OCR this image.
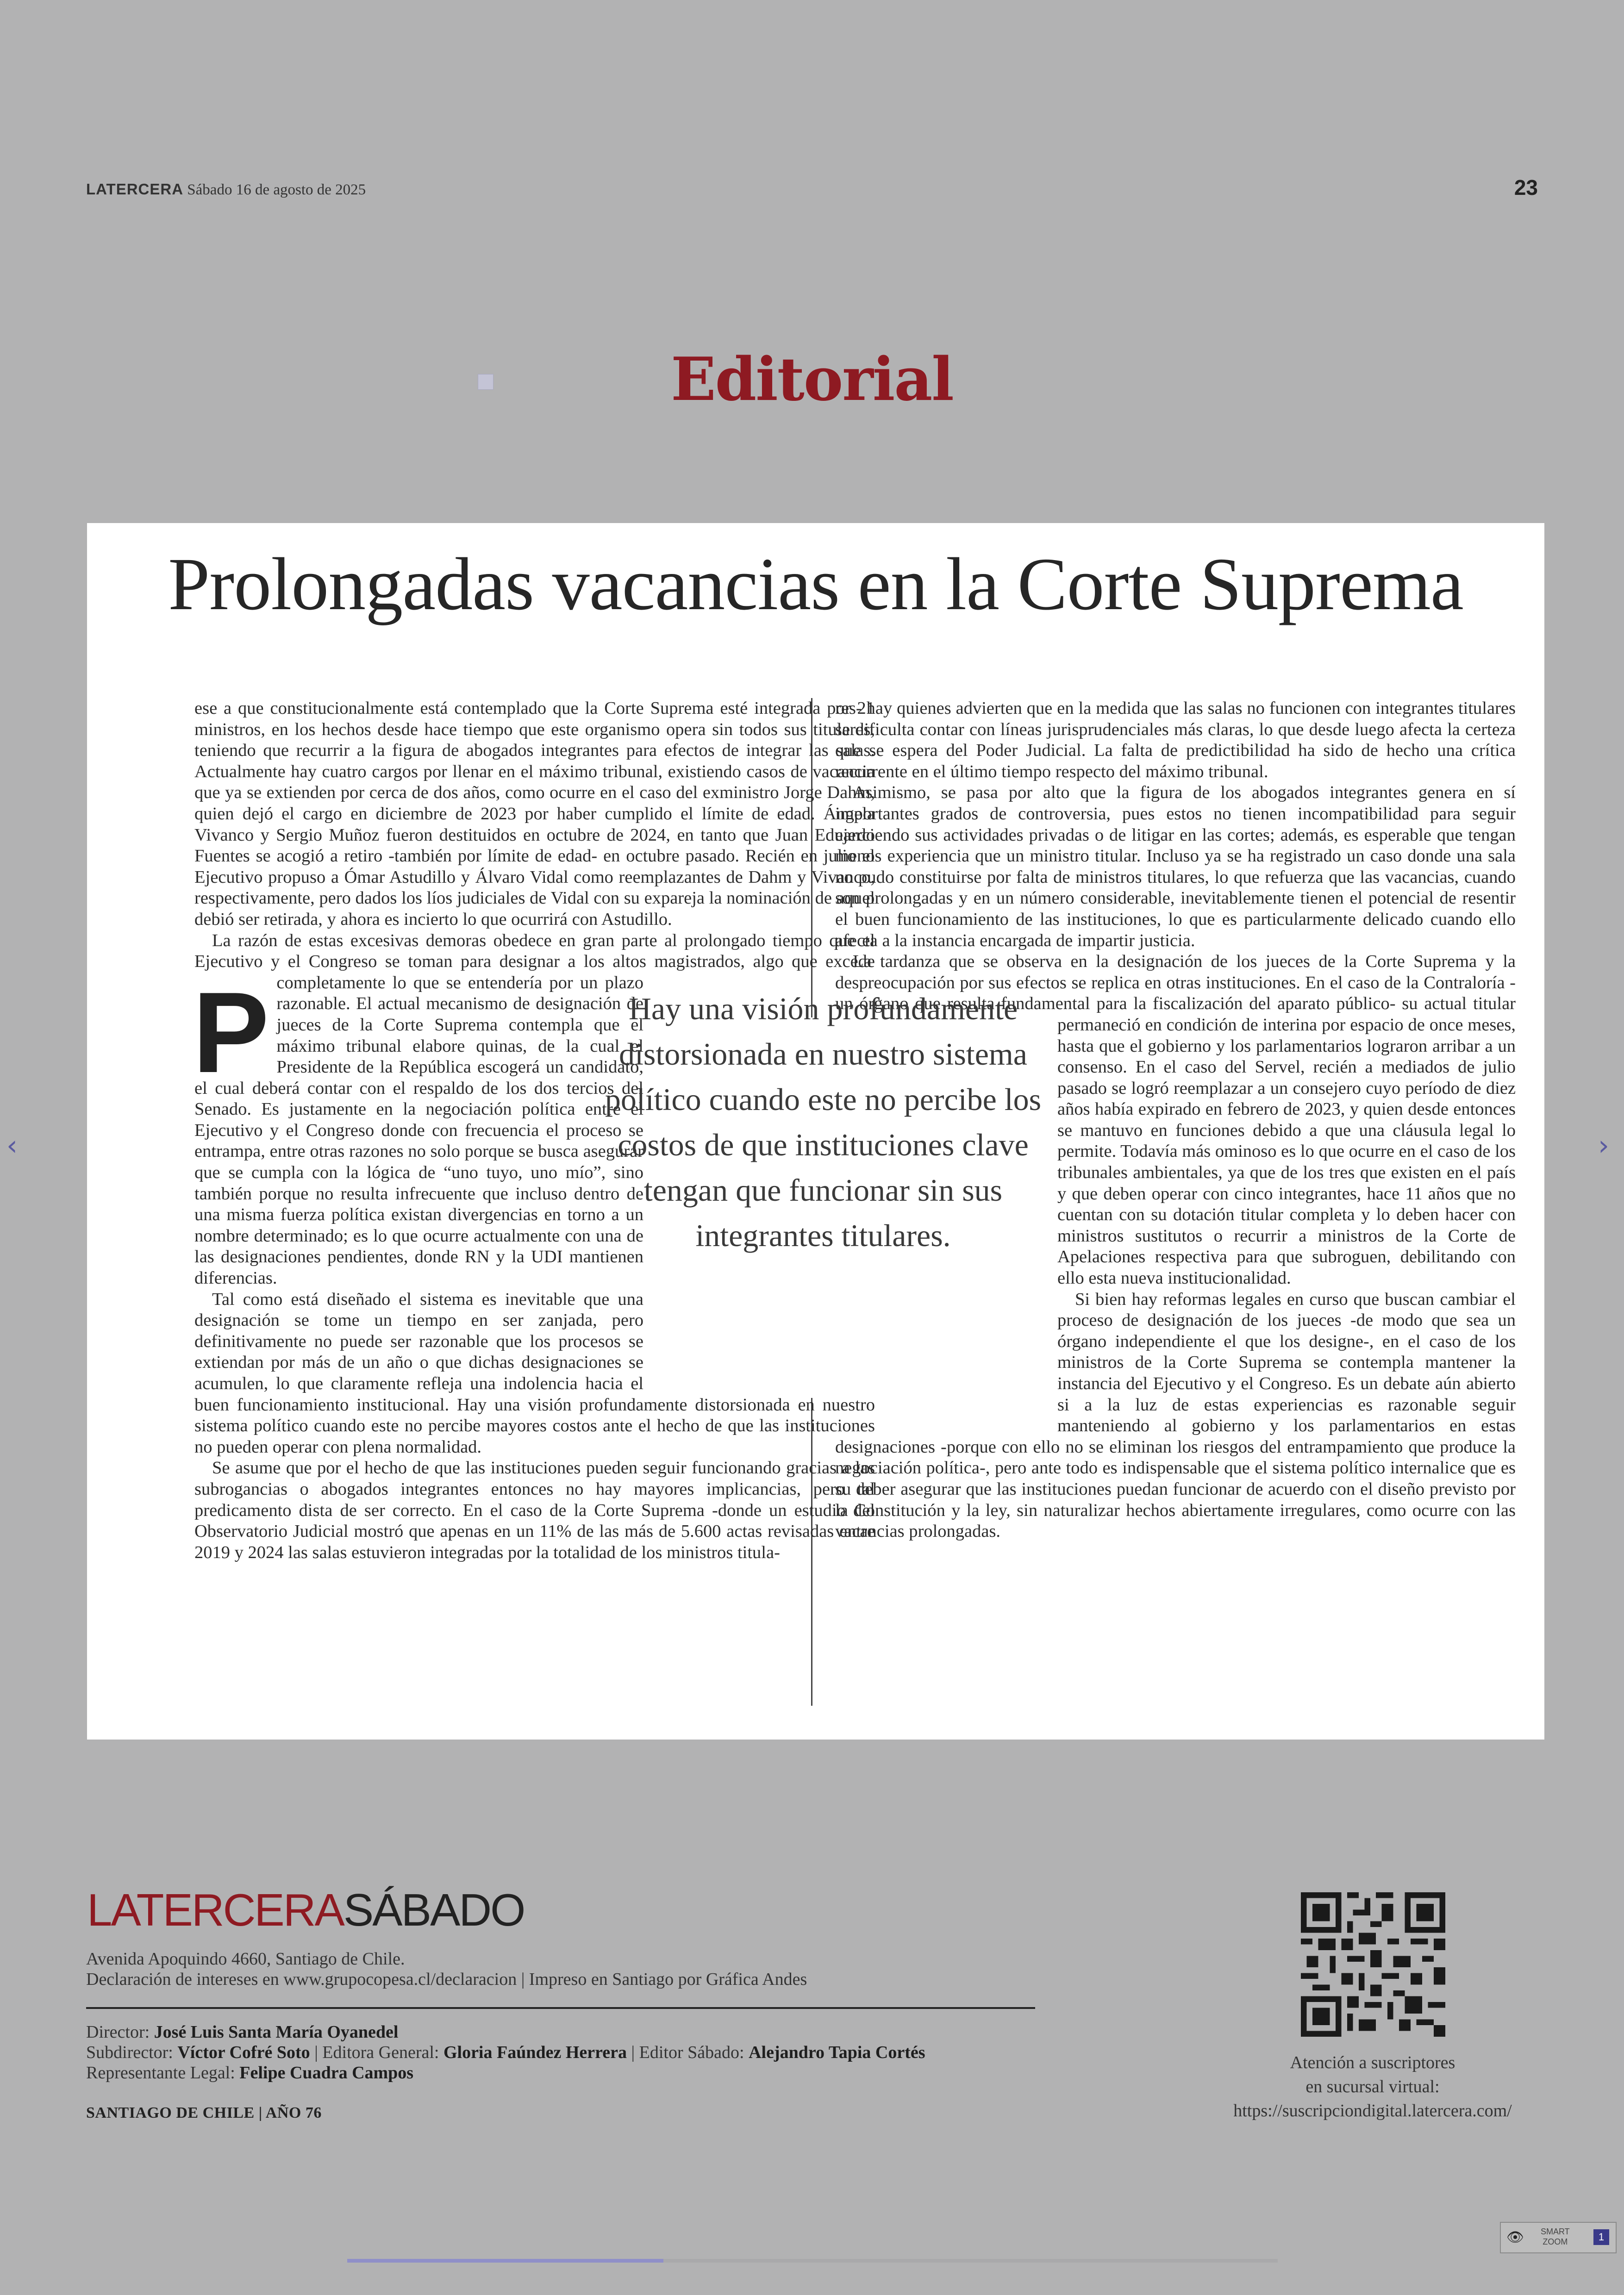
LATERCERA Sábado 16 de agosto de 2025	23
Editorial
Prolongadas vacancias en la Corte Suprema
P

ese a que constitucionalmente está contemplado que la Corte Suprema esté integrada por 21 ministros, en los hechos desde hace tiempo que este organismo opera sin todos sus titulares, teniendo que recurrir a la figura de abogados integrantes para efectos de integrar las salas. Actualmente hay cuatro cargos por llenar en el máximo tribunal, existiendo casos de vacancia que ya se extienden por cerca de dos años, como ocurre en el caso del exministro Jorge Dahm, quien dejó el cargo en diciembre de 2023 por haber cumplido el límite de edad. Ángela Vivanco y Sergio Muñoz fueron destituidos en octubre de 2024, en tanto que Juan Eduardo Fuentes se acogió a retiro -también por límite de edad- en octubre pasado. Recién en julio el Ejecutivo propuso a Ómar Astudillo y Álvaro Vidal como reemplazantes de Dahm y Vivanco, respectivamente, pero dados los líos judiciales de Vidal con su expareja la nominación de aquel debió ser retirada, y ahora es incierto lo que ocurrirá con Astudillo.

La razón de estas excesivas demoras obedece en gran parte al prolongado tiempo que el Ejecutivo y el Congreso se toman para designar a los altos magistrados, algo que excede completamente lo que se entendería por un plazo razonable. El actual mecanismo de designación de jueces de la Corte Suprema contempla que el máximo tribunal elabore quinas, de la cual el Presidente de la República escogerá un candidato, el cual deberá contar con el respaldo de los dos tercios del Senado. Es justamente en la negociación política entre el Ejecutivo y el Congreso donde con frecuencia el proceso se entrampa, entre otras razones no solo porque se busca asegurar que se cumpla con la lógica de “uno tuyo, uno mío”, sino también porque no resulta infrecuente que incluso dentro de una misma fuerza política existan divergencias en torno a un nombre determinado; es lo que ocurre actualmente con una de las designaciones pendientes, donde RN y la UDI mantienen diferencias.

Tal como está diseñado el sistema es inevitable que una designación se tome un tiempo en ser zanjada, pero definitivamente no puede ser razonable que los procesos se extiendan por más de un año o que dichas designaciones se acumulen, lo que claramente refleja una indolencia hacia el buen funcionamiento institucional. Hay una visión profundamente distorsionada en nuestro sistema político cuando este no percibe mayores costos ante el hecho de que las instituciones no pueden operar con plena normalidad.

Se asume que por el hecho de que las instituciones pueden seguir funcionando gracias a las subrogancias o abogados integrantes entonces no hay mayores implicancias, pero tal predicamento dista de ser correcto. En el caso de la Corte Suprema -donde un estudio del Observatorio Judicial mostró que apenas en un 11% de las más de 5.600 actas revisadas entre 2019 y 2024 las salas estuvieron integradas por la totalidad de los ministros titula-

res- hay quienes advierten que en la medida que las salas no funcionen con integrantes titulares se dificulta contar con líneas jurisprudenciales más claras, lo que desde luego afecta la certeza que se espera del Poder Judicial. La falta de predictibilidad ha sido de hecho una crítica recurrente en el último tiempo respecto del máximo tribunal.

Asimismo, se pasa por alto que la figura de los abogados integrantes genera en sí importantes grados de controversia, pues estos no tienen incompatibilidad para seguir ejerciendo sus actividades privadas o de litigar en las cortes; además, es esperable que tengan menos experiencia que un ministro titular. Incluso ya se ha registrado un caso donde una sala no pudo constituirse por falta de ministros titulares, lo que refuerza que las vacancias, cuando son prolongadas y en un número considerable, inevitablemente tienen el potencial de resentir el buen funcionamiento de las instituciones, lo que es particularmente delicado cuando ello afecta a la instancia encargada de impartir justicia.

La tardanza que se observa en la designación de los jueces de la Corte Suprema y la despreocupación por sus efectos se replica en otras instituciones. En el caso de la Contraloría -un órgano que resulta fundamental para la fiscalización del aparato público- su actual titular permaneció en condición de interina por espacio de once meses, hasta que el gobierno y los parlamentarios lograron arribar a un consenso. En el caso del Servel, recién a mediados de julio pasado se logró reemplazar a un consejero cuyo período de diez años había expirado en febrero de 2023, y quien desde entonces se mantuvo en funciones debido a que una cláusula legal lo permite. Todavía más ominoso es lo que ocurre en el caso de los tribunales ambientales, ya que de los tres que existen en el país y que deben operar con cinco integrantes, hace 11 años que no cuentan con su dotación titular completa y lo deben hacer con ministros sustitutos o recurrir a ministros de la Corte de Apelaciones respectiva para que subroguen, debilitando con ello esta nueva institucionalidad.

Si bien hay reformas legales en curso que buscan cambiar el proceso de designación de los jueces -de modo que sea un órgano independiente el que los designe-, en el caso de los ministros de la Corte Suprema se contempla mantener la instancia del Ejecutivo y el Congreso. Es un debate aún abierto si a la luz de estas experiencias es razonable seguir manteniendo al gobierno y los parlamentarios en estas designaciones -porque con ello no se eliminan los riesgos del entrampamiento que produce la negociación política-, pero ante todo es indispensable que el sistema político internalice que es su deber asegurar que las instituciones puedan funcionar de acuerdo con el diseño previsto por la Constitución y la ley, sin naturalizar hechos abiertamente irregulares, como ocurre con las vacancias prolongadas.

Hay una visión profundamente distorsionada en nuestro sistema político cuando este no percibe los costos de que instituciones clave tengan que funcionar sin sus integrantes titulares.
LATERCERASÁBADO
Avenida Apoquindo 4660, Santiago de Chile.
Declaración de intereses en www.grupocopesa.cl/declaracion | Impreso en Santiago por Gráfica Andes
Director: José Luis Santa María Oyanedel
Subdirector: Víctor Cofré Soto | Editora General: Gloria Faúndez Herrera | Editor Sábado: Alejandro Tapia Cortés
Representante Legal: Felipe Cuadra Campos
SANTIAGO DE CHILE | AÑO 76
Atención a suscriptores
en sucursal virtual:
https://suscripciondigital.latercera.com/
‹	›
👁 SMART
ZOOM	1
